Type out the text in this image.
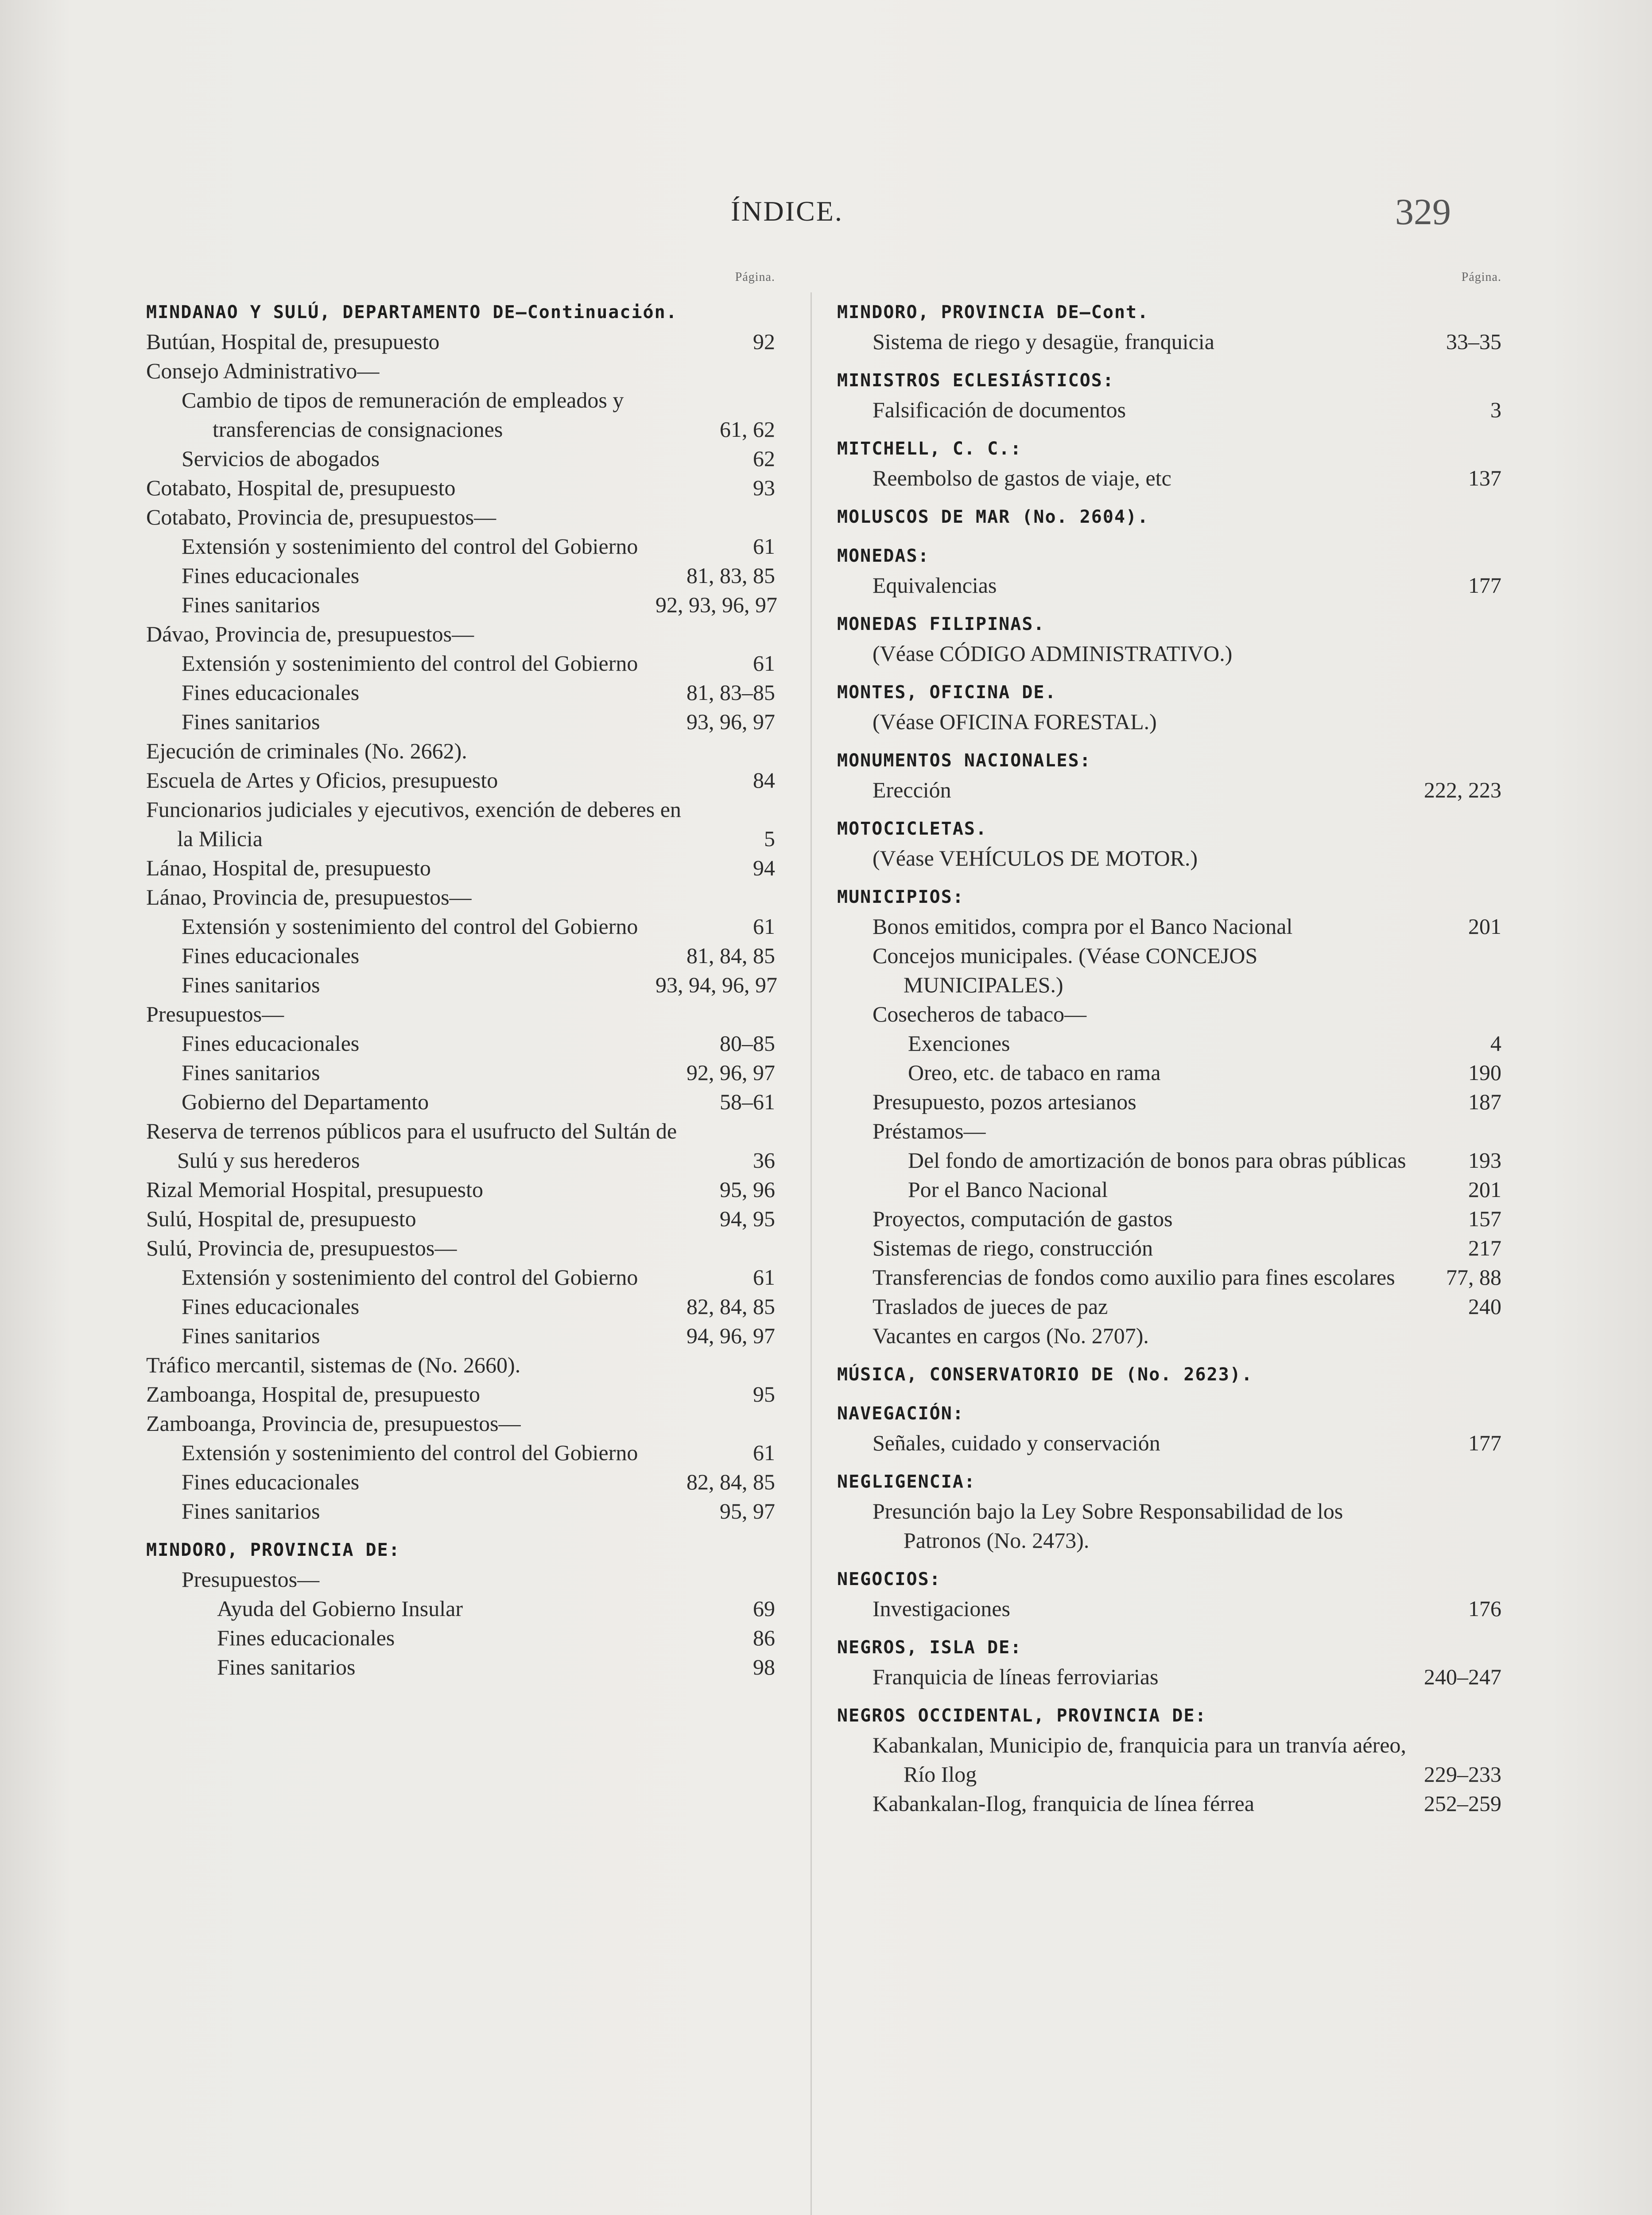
ÍNDICE.	329
Página.
MINDANAO Y SULÚ, DEPARTAMENTO DE—Continuación.
Butúan, Hospital de, presupuesto	92
Consejo Administrativo—
Cambio de tipos de remuneración de empleados y transferencias de consignaciones	61, 62
Servicios de abogados	62
Cotabato, Hospital de, presupuesto	93
Cotabato, Provincia de, presupuestos—
Extensión y sostenimiento del control del Gobierno	61
Fines educacionales	81, 83, 85
Fines sanitarios	92, 93, 96, 97
Dávao, Provincia de, presupuestos—
Extensión y sostenimiento del control del Gobierno	61
Fines educacionales	81, 83–85
Fines sanitarios	93, 96, 97
Ejecución de criminales (No. 2662).
Escuela de Artes y Oficios, presupuesto	84
Funcionarios judiciales y ejecutivos, exención de deberes en la Milicia	5
Lánao, Hospital de, presupuesto	94
Lánao, Provincia de, presupuestos—
Extensión y sostenimiento del control del Gobierno	61
Fines educacionales	81, 84, 85
Fines sanitarios	93, 94, 96, 97
Presupuestos—
Fines educacionales	80–85
Fines sanitarios	92, 96, 97
Gobierno del Departamento	58–61
Reserva de terrenos públicos para el usufructo del Sultán de Sulú y sus herederos	36
Rizal Memorial Hospital, presupuesto	95, 96
Sulú, Hospital de, presupuesto	94, 95
Sulú, Provincia de, presupuestos—
Extensión y sostenimiento del control del Gobierno	61
Fines educacionales	82, 84, 85
Fines sanitarios	94, 96, 97
Tráfico mercantil, sistemas de (No. 2660).
Zamboanga, Hospital de, presupuesto	95
Zamboanga, Provincia de, presupuestos—
Extensión y sostenimiento del control del Gobierno	61
Fines educacionales	82, 84, 85
Fines sanitarios	95, 97
MINDORO, PROVINCIA DE:
Presupuestos—
Ayuda del Gobierno Insular	69
Fines educacionales	86
Fines sanitarios	98
Página.
MINDORO, PROVINCIA DE—Cont.
Sistema de riego y desagüe, franquicia	33–35
MINISTROS ECLESIÁSTICOS:
Falsificación de documentos	3
MITCHELL, C. C.:
Reembolso de gastos de viaje, etc	137
MOLUSCOS DE MAR (No. 2604).
MONEDAS:
Equivalencias	177
MONEDAS FILIPINAS.
(Véase CÓDIGO ADMINISTRATIVO.)
MONTES, OFICINA DE.
(Véase OFICINA FORESTAL.)
MONUMENTOS NACIONALES:
Erección	222, 223
MOTOCICLETAS.
(Véase VEHÍCULOS DE MOTOR.)
MUNICIPIOS:
Bonos emitidos, compra por el Banco Nacional	201
Concejos municipales. (Véase CONCEJOS MUNICIPALES.)
Cosecheros de tabaco—
Exenciones	4
Oreo, etc. de tabaco en rama	190
Presupuesto, pozos artesianos	187
Préstamos—
Del fondo de amortización de bonos para obras públicas	193
Por el Banco Nacional	201
Proyectos, computación de gastos	157
Sistemas de riego, construcción	217
Transferencias de fondos como auxilio para fines escolares	77, 88
Traslados de jueces de paz	240
Vacantes en cargos (No. 2707).
MÚSICA, CONSERVATORIO DE (No. 2623).
NAVEGACIÓN:
Señales, cuidado y conservación	177
NEGLIGENCIA:
Presunción bajo la Ley Sobre Responsabilidad de los Patronos (No. 2473).
NEGOCIOS:
Investigaciones	176
NEGROS, ISLA DE:
Franquicia de líneas ferroviarias	240–247
NEGROS OCCIDENTAL, PROVINCIA DE:
Kabankalan, Municipio de, franquicia para un tranvía aéreo, Río Ilog	229–233
Kabankalan-Ilog, franquicia de línea férrea	252–259
